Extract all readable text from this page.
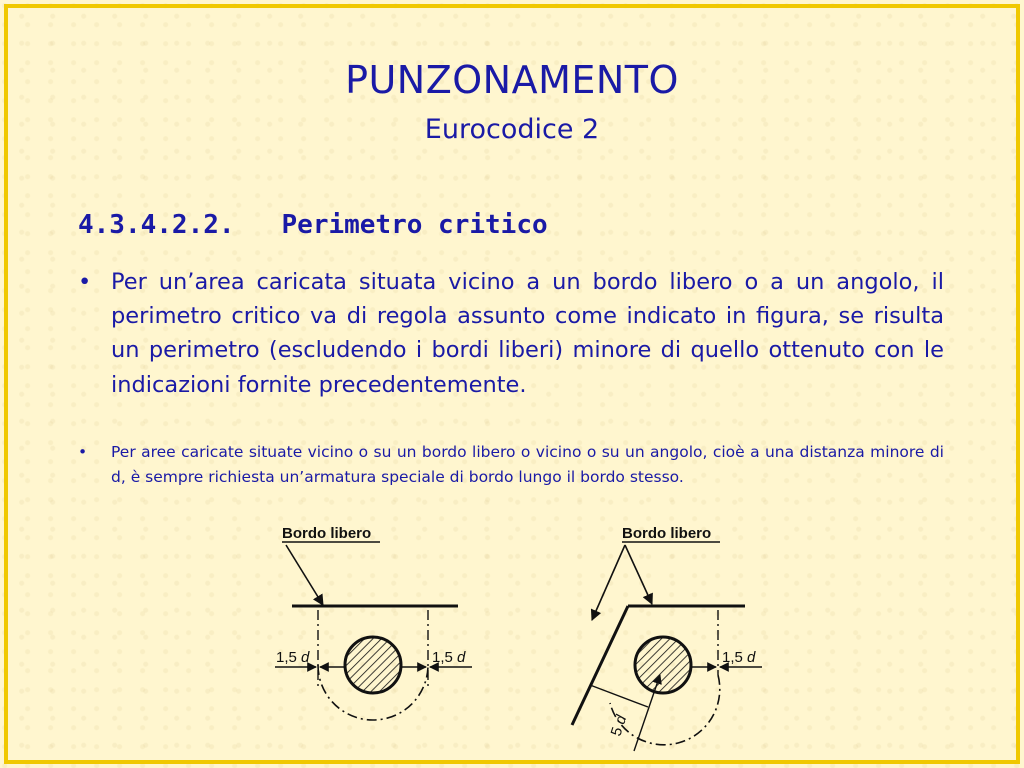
PUNZONAMENTO
Eurocodice 2
4.3.4.2.2. Perimetro critico
• Per un’area caricata situata vicino a un bordo libero o a un angolo, il perimetro critico va di regola assunto come indicato in figura, se risulta un perimetro (escludendo i bordi liberi) minore di quello ottenuto con le indicazioni fornite precedentemente.
•	Per aree caricate situate vicino o su un bordo libero o vicino o su un angolo, cioè a una distanza minore di d, è sempre richiesta un’armatura speciale di bordo lungo il bordo stesso.
Bordo libero
1,5 d	1,5 d
Bordo libero
1,5 d
5 d
